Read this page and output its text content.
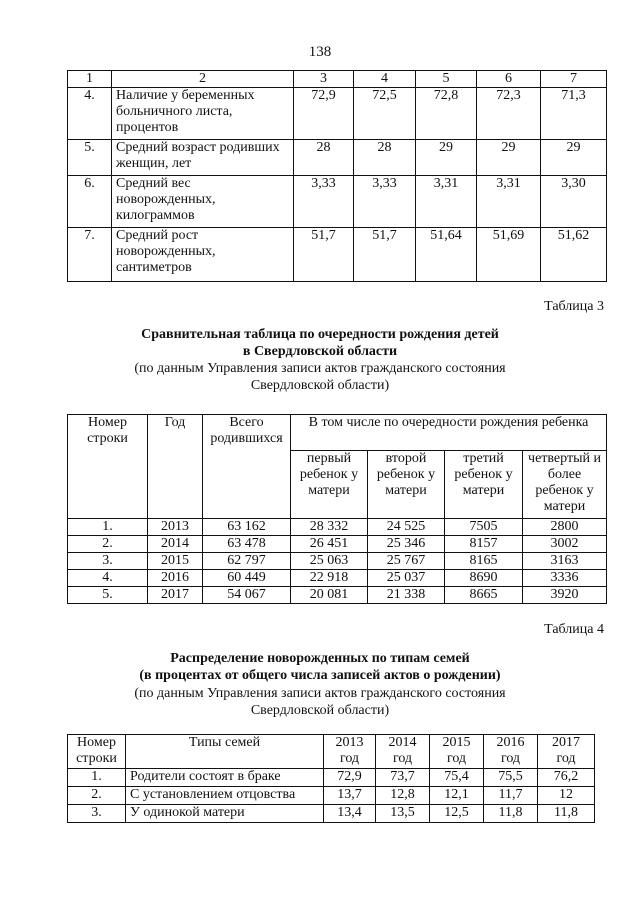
138
1	2	3	4	5	6	7
4.	Наличие у беременных больничного листа, процентов	72,9	72,5	72,8	72,3	71,3
5.	Средний возраст родивших женщин, лет	28	28	29	29	29
6.	Средний вес новорожденных, килограммов	3,33	3,33	3,31	3,31	3,30
7.	Средний рост новорожденных, сантиметров	51,7	51,7	51,64	51,69	51,62
Таблица 3
Сравнительная таблица по очередности рождения детей
в Свердловской области
(по данным Управления записи актов гражданского состояния
Свердловской области)
Номер строки	Год	Всего родившихся	В том числе по очередности рождения ребенка			
			первый ребенок у матери	второй ребенок у матери	третий ребенок у матери	четвертый и более ребенок у матери
1.	2013	63 162	28 332	24 525	7505	2800
2.	2014	63 478	26 451	25 346	8157	3002
3.	2015	62 797	25 063	25 767	8165	3163
4.	2016	60 449	22 918	25 037	8690	3336
5.	2017	54 067	20 081	21 338	8665	3920
Таблица 4
Распределение новорожденных по типам семей
(в процентах от общего числа записей актов о рождении)
(по данным Управления записи актов гражданского состояния
Свердловской области)
Номер строки	Типы семей	2013 год	2014 год	2015 год	2016 год	2017 год
1.	Родители состоят в браке	72,9	73,7	75,4	75,5	76,2
2.	С установлением отцовства	13,7	12,8	12,1	11,7	12
3.	У одинокой матери	13,4	13,5	12,5	11,8	11,8
